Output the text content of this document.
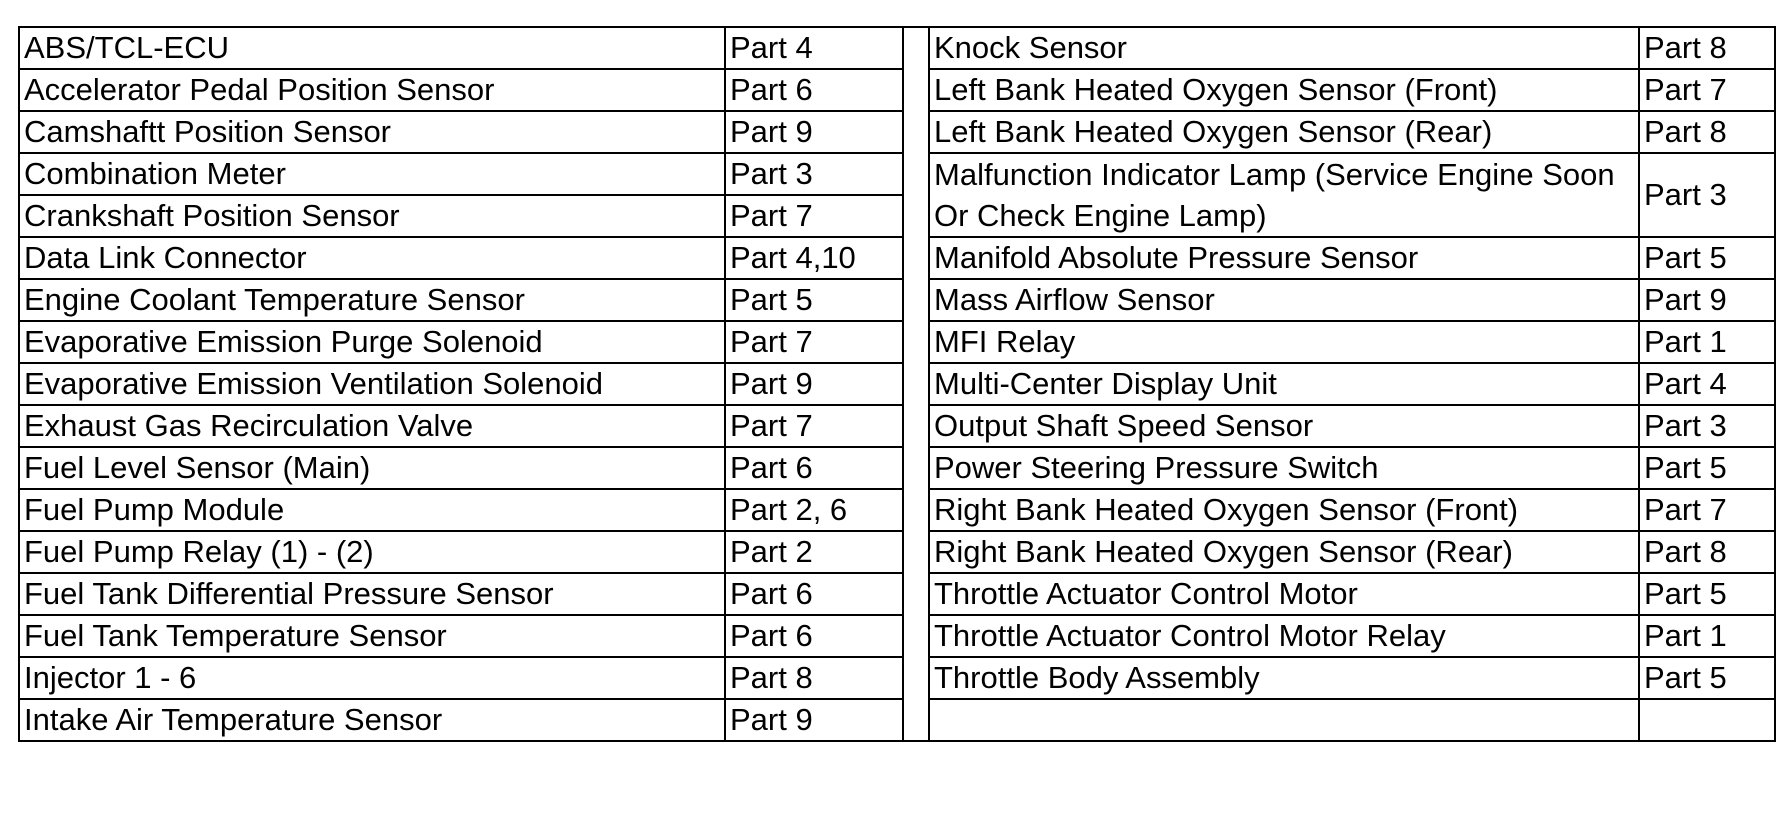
ABS/TCL-ECU	Part 4		Knock Sensor	Part 8
Accelerator Pedal Position Sensor	Part 6		Left Bank Heated Oxygen Sensor (Front)	Part 7
Camshaftt Position Sensor	Part 9		Left Bank Heated Oxygen Sensor (Rear)	Part 8
Combination Meter	Part 3		Malfunction Indicator Lamp (Service Engine Soon Or Check Engine Lamp)	Part 3
Crankshaft Position Sensor	Part 7			
Data Link Connector	Part 4,10		Manifold Absolute Pressure Sensor	Part 5
Engine Coolant Temperature Sensor	Part 5		Mass Airflow Sensor	Part 9
Evaporative Emission Purge Solenoid	Part 7		MFI Relay	Part 1
Evaporative Emission Ventilation Solenoid	Part 9		Multi-Center Display Unit	Part 4
Exhaust Gas Recirculation Valve	Part 7		Output Shaft Speed Sensor	Part 3
Fuel Level Sensor (Main)	Part 6		Power Steering Pressure Switch	Part 5
Fuel Pump Module	Part 2, 6		Right Bank Heated Oxygen Sensor (Front)	Part 7
Fuel Pump Relay (1) - (2)	Part 2		Right Bank Heated Oxygen Sensor (Rear)	Part 8
Fuel Tank Differential Pressure Sensor	Part 6		Throttle Actuator Control Motor	Part 5
Fuel Tank Temperature Sensor	Part 6		Throttle Actuator Control Motor Relay	Part 1
Injector 1 - 6	Part 8		Throttle Body Assembly	Part 5
Intake Air Temperature Sensor	Part 9			
